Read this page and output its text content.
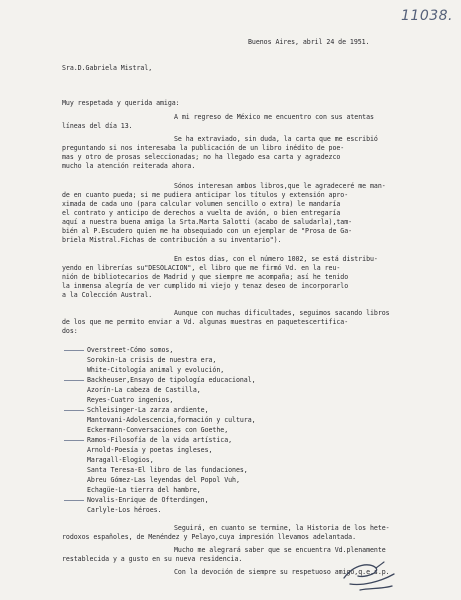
11038.
Buenos Aires, abril 24 de 1951.
Sra.D.Gabriela Mistral,
Muy respetada y querida amiga:
A mi regreso de México me encuentro con sus atentas
líneas del día 13.
Se ha extraviado, sin duda, la carta que me escribió
preguntando si nos interesaba la publicación de un libro inédito de poe-
mas y otro de prosas seleccionadas; no ha llegado esa carta y agradezco
mucho la atención reiterada ahora.
Sónos interesan ambos libros,que le agradeceré me man-
de en cuanto pueda; si me pudiera anticipar los títulos y extensión apro-
ximada de cada uno (para calcular volumen sencillo o extra) le mandaría
el contrato y anticipo de derechos a vuelta de avión, o bien entregaría
aquí a nuestra buena amiga la Srta.Marta Salotti (acabo de saludarla),tam-
bién al P.Escudero quien me ha obsequiado con un ejemplar de "Prosa de Ga-
briela Mistral.Fichas de contribución a su inventario").
En estos días, con el número 1002, se está distribu-
yendo en librerías su"DESOLACION", el libro que me firmó Vd. en la reu-
nión de bibliotecarios de Madrid y que siempre me acompaña; así he tenido
la inmensa alegría de ver cumplido mi viejo y tenaz deseo de incorporarlo
a la Colección Austral.
Aunque con muchas dificultades, seguimos sacando libros
de los que me permito enviar a Vd. algunas muestras en paquetescertifica-
dos:
Overstreet-Cómo somos,
Sorokin-La crisis de nuestra era,
White-Citología animal y evolución,
Backheuser,Ensayo de tipología educacional,
Azorín-La cabeza de Castilla,
Reyes-Cuatro ingenios,
Schleisinger-La zarza ardiente,
Mantovani-Adolescencia,formación y cultura,
Eckermann-Conversaciones con Goethe,
Ramos-Filosofía de la vida artística,
Arnold-Poesía y poetas ingleses,
Maragall-Elogios,
Santa Teresa-El libro de las fundaciones,
Abreu Gómez-Las leyendas del Popol Vuh,
Echagüe-La tierra del hambre,
Novalis-Enrique de Ofterdingen,
Carlyle-Los héroes.
Seguirá, en cuanto se termine, la Historia de los hete-
rodoxos españoles, de Menéndez y Pelayo,cuya impresión llevamos adelantada.
Mucho me alegrará saber que se encuentra Vd.plenamente
restablecida y a gusto en su nueva residencia.
Con la devoción de siempre su respetuoso amigo,q.e.s.p.
